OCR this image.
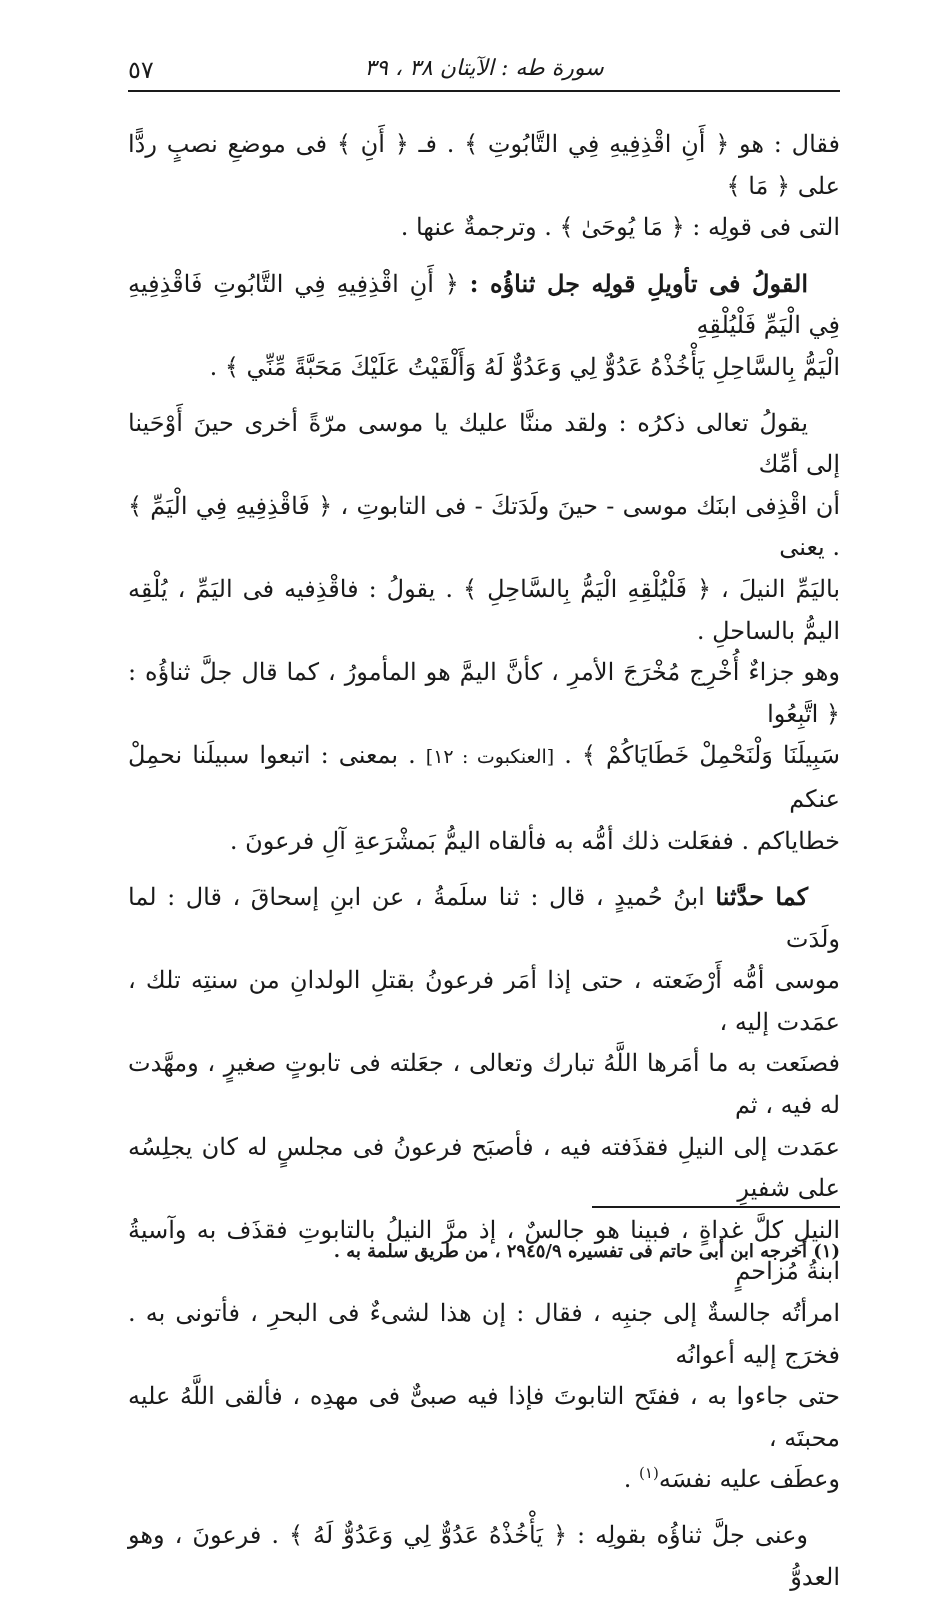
سورة طه : الآيتان ٣٨ ، ٣٩
٥٧

فقال : هو ﴿ أَنِ اقْذِفِيهِ فِي التَّابُوتِ ﴾ . فـ ﴿ أَنِ ﴾ فى موضعِ نصبٍ ردًّا على ﴿ مَا ﴾
التى فى قولِه : ﴿ مَا يُوحَىٰ ﴾ . وترجمةٌ عنها .

القولُ فى تأويلِ قولِه جل ثناؤُه : ﴿ أَنِ اقْذِفِيهِ فِي التَّابُوتِ فَاقْذِفِيهِ فِي الْيَمِّ فَلْيُلْقِهِ
الْيَمُّ بِالسَّاحِلِ يَأْخُذْهُ عَدُوٌّ لِي وَعَدُوٌّ لَهُ وَأَلْقَيْتُ عَلَيْكَ مَحَبَّةً مِّنِّي ﴾ .

يقولُ تعالى ذكرُه : ولقد مننَّا عليك يا موسى مرّةً أخرى حينَ أَوْحَينا إلى أمِّك
أن اقْذِفى ابنَك موسى - حينَ ولَدَتكَ - فى التابوتِ ، ﴿ فَاقْذِفِيهِ فِي الْيَمِّ ﴾ . يعنى
باليَمِّ النيلَ ، ﴿ فَلْيُلْقِهِ الْيَمُّ بِالسَّاحِلِ ﴾ . يقولُ : فاقْذِفيه فى اليَمِّ ، يُلْقِه اليمُّ بالساحلِ .
وهو جزاءٌ أُخْرِج مُخْرَجَ الأمرِ ، كأنَّ اليمَّ هو المأمورُ ، كما قال جلَّ ثناؤُه : ﴿ اتَّبِعُوا
سَبِيلَنَا وَلْنَحْمِلْ خَطَايَاكُمْ ﴾ . [العنكبوت : ١٢] . بمعنى : اتبعوا سبيلَنا نحمِلْ عنكم
خطاياكم . ففعَلت ذلك أمُّه به فألقاه اليمُّ بَمشْرَعةِ آلِ فرعونَ .

كما حدَّثنا ابنُ حُميدٍ ، قال : ثنا سلَمةُ ، عن ابنِ إسحاقَ ، قال : لما ولَدَت
موسى أمُّه أَرْضَعته ، حتى إذا أمَر فرعونُ بقتلِ الولدانِ من سنتِه تلك ، عمَدت إليه ،
فصنَعت به ما أمَرها اللَّهُ تبارك وتعالى ، جعَلته فى تابوتٍ صغيرٍ ، ومهَّدت له فيه ، ثم
عمَدت إلى النيلِ فقذَفته فيه ، فأصبَح فرعونُ فى مجلسٍ له كان يجلِسُه على شفيرِ
النيلِ كلَّ غداةٍ ، فبينا هو جالسٌ ، إذ مرَّ النيلُ بالتابوتِ فقذَف به وآسيةُ ابنةُ مُزاحمٍ
امرأتُه جالسةٌ إلى جنبِه ، فقال : إن هذا لشىءٌ فى البحرِ ، فأتونى به . فخرَج إليه أعوانُه
حتى جاءوا به ، ففتَح التابوتَ فإذا فيه صبىٌّ فى مهدِه ، فألقى اللَّهُ عليه محبتَه ،
وعطَف عليه نفسَه$^{(١)}$ .

وعنى جلَّ ثناؤُه بقولِه : ﴿ يَأْخُذْهُ عَدُوٌّ لِي وَعَدُوٌّ لَهُ ﴾ . فرعونَ ، وهو العدوُّ

(١) أخرجه ابن أبى حاتم فى تفسيره ٢٩٤٥/٩ ، من طريق سلمة به .
